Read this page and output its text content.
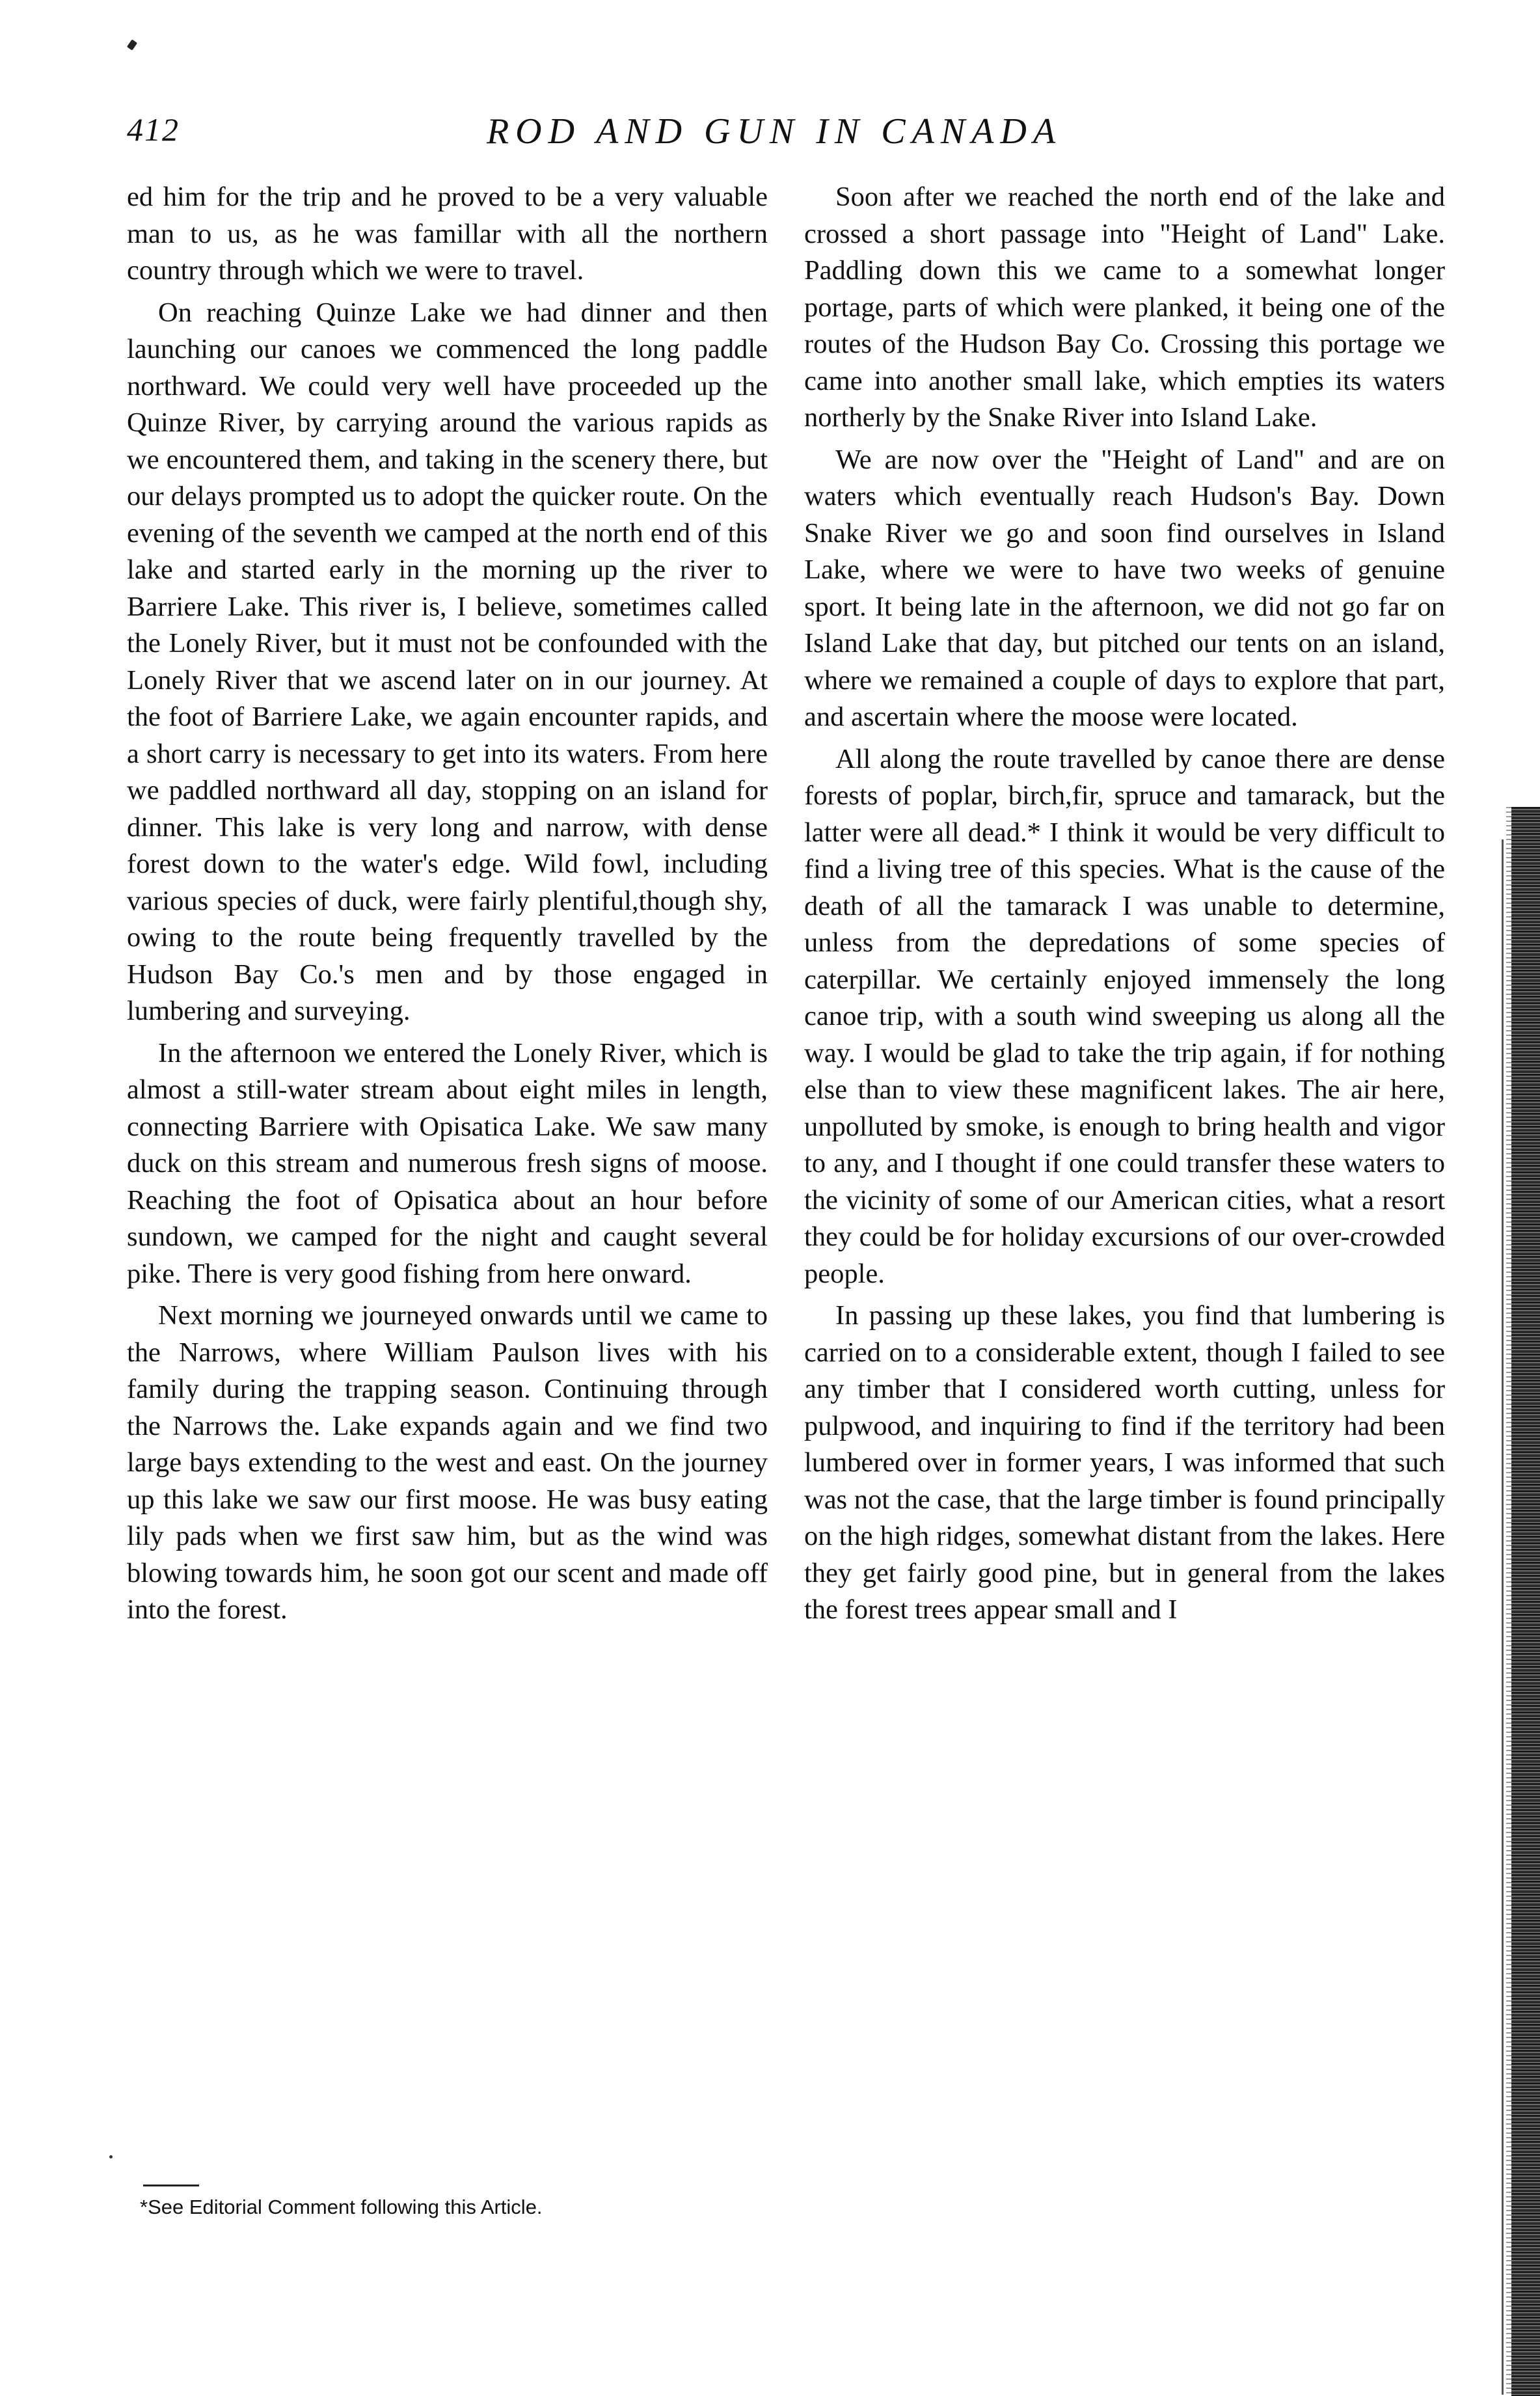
412	ROD AND GUN IN CANADA

ed him for the trip and he proved to be a very valuable man to us, as he was famillar with all the northern country through which we were to travel.

On reaching Quinze Lake we had dinner and then launching our canoes we commenced the long paddle northward. We could very well have proceeded up the Quinze River, by carrying around the various rapids as we encountered them, and taking in the scenery there, but our delays prompted us to adopt the quicker route. On the evening of the seventh we camped at the north end of this lake and started early in the morning up the river to Barriere Lake. This river is, I believe, sometimes called the Lonely River, but it must not be confounded with the Lonely River that we ascend later on in our journey. At the foot of Barriere Lake, we again encounter rapids, and a short carry is necessary to get into its waters. From here we paddled northward all day, stopping on an island for dinner. This lake is very long and narrow, with dense forest down to the water's edge. Wild fowl, including various species of duck, were fairly plentiful,though shy, owing to the route being frequently travelled by the Hudson Bay Co.'s men and by those engaged in lumbering and surveying.

In the afternoon we entered the Lonely River, which is almost a still-water stream about eight miles in length, connecting Barriere with Opisatica Lake. We saw many duck on this stream and numerous fresh signs of moose. Reaching the foot of Opisatica about an hour before sundown, we camped for the night and caught several pike. There is very good fishing from here onward.

Next morning we journeyed onwards until we came to the Narrows, where William Paulson lives with his family during the trapping season. Continuing through the Narrows the. Lake expands again and we find two large bays extending to the west and east. On the journey up this lake we saw our first moose. He was busy eating lily pads when we first saw him, but as the wind was blowing towards him, he soon got our scent and made off into the forest.

Soon after we reached the north end of the lake and crossed a short passage into "Height of Land" Lake. Paddling down this we came to a somewhat longer portage, parts of which were planked, it being one of the routes of the Hudson Bay Co. Crossing this portage we came into another small lake, which empties its waters northerly by the Snake River into Island Lake.

We are now over the "Height of Land" and are on waters which eventually reach Hudson's Bay. Down Snake River we go and soon find ourselves in Island Lake, where we were to have two weeks of genuine sport. It being late in the afternoon, we did not go far on Island Lake that day, but pitched our tents on an island, where we remained a couple of days to explore that part, and ascertain where the moose were located.

All along the route travelled by canoe there are dense forests of poplar, birch,fir, spruce and tamarack, but the latter were all dead.* I think it would be very difficult to find a living tree of this species. What is the cause of the death of all the tamarack I was unable to determine, unless from the depredations of some species of caterpillar. We certainly enjoyed immensely the long canoe trip, with a south wind sweeping us along all the way. I would be glad to take the trip again, if for nothing else than to view these magnificent lakes. The air here, unpolluted by smoke, is enough to bring health and vigor to any, and I thought if one could transfer these waters to the vicinity of some of our American cities, what a resort they could be for holiday excursions of our over-crowded people.

In passing up these lakes, you find that lumbering is carried on to a considerable extent, though I failed to see any timber that I considered worth cutting, unless for pulpwood, and inquiring to find if the territory had been lumbered over in former years, I was informed that such was not the case, that the large timber is found principally on the high ridges, somewhat distant from the lakes. Here they get fairly good pine, but in general from the lakes the forest trees appear small and I

*See Editorial Comment following this Article.
